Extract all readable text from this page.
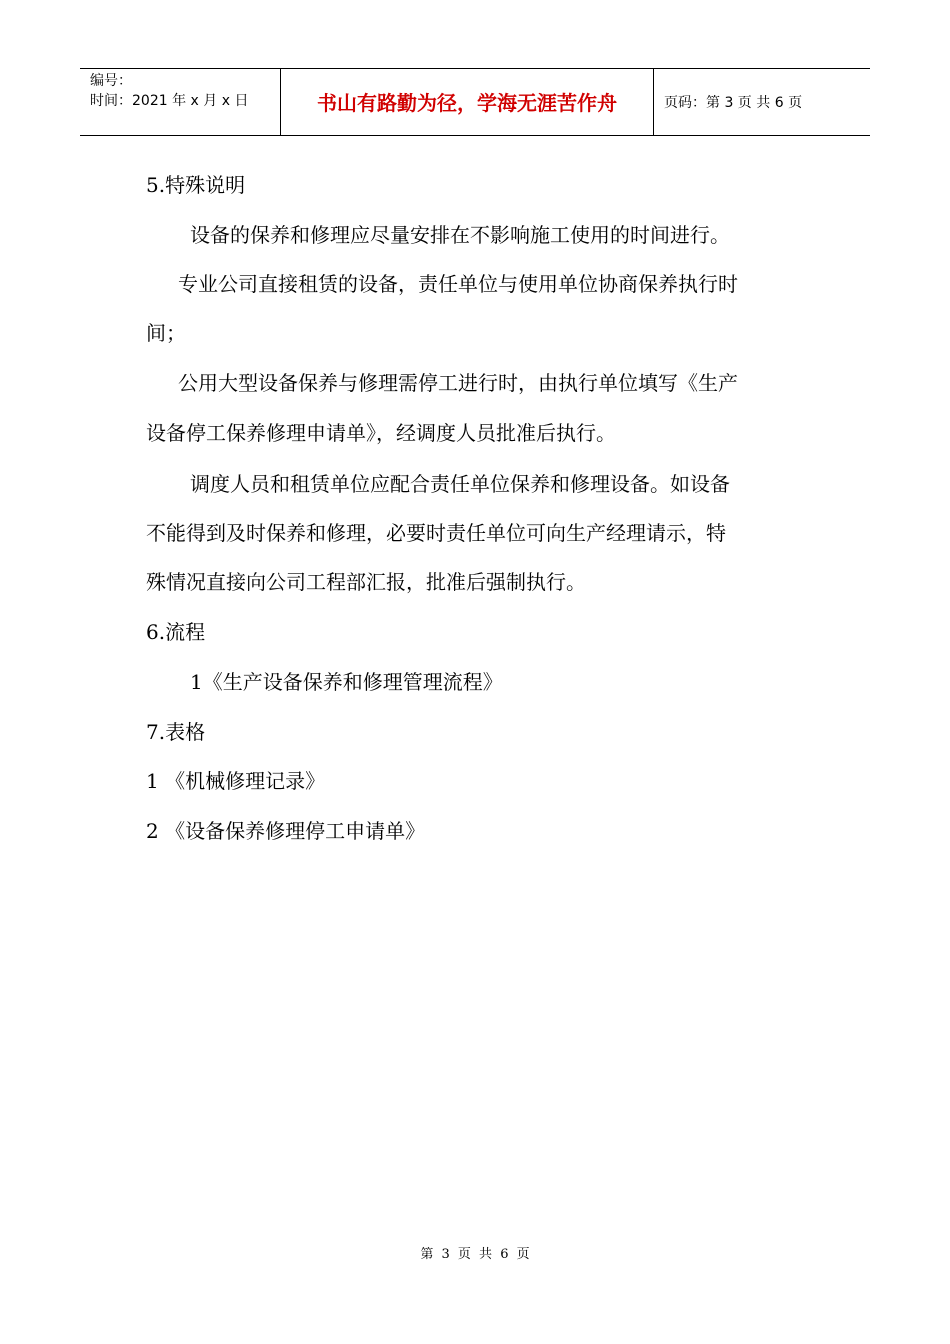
编号：
时间：2021 年 x 月 x 日	书山有路勤为径，学海无涯苦作舟	页码：第 3 页 共 6 页
5.特殊说明
设备的保养和修理应尽量安排在不影响施工使用的时间进行。
专业公司直接租赁的设备，责任单位与使用单位协商保养执行时
间；
公用大型设备保养与修理需停工进行时，由执行单位填写《生产
设备停工保养修理申请单》，经调度人员批准后执行。
调度人员和租赁单位应配合责任单位保养和修理设备。如设备
不能得到及时保养和修理，必要时责任单位可向生产经理请示，特
殊情况直接向公司工程部汇报，批准后强制执行。
6.流程
1《生产设备保养和修理管理流程》
7.表格
1 《机械修理记录》
2 《设备保养修理停工申请单》
第 3 页 共 6 页
